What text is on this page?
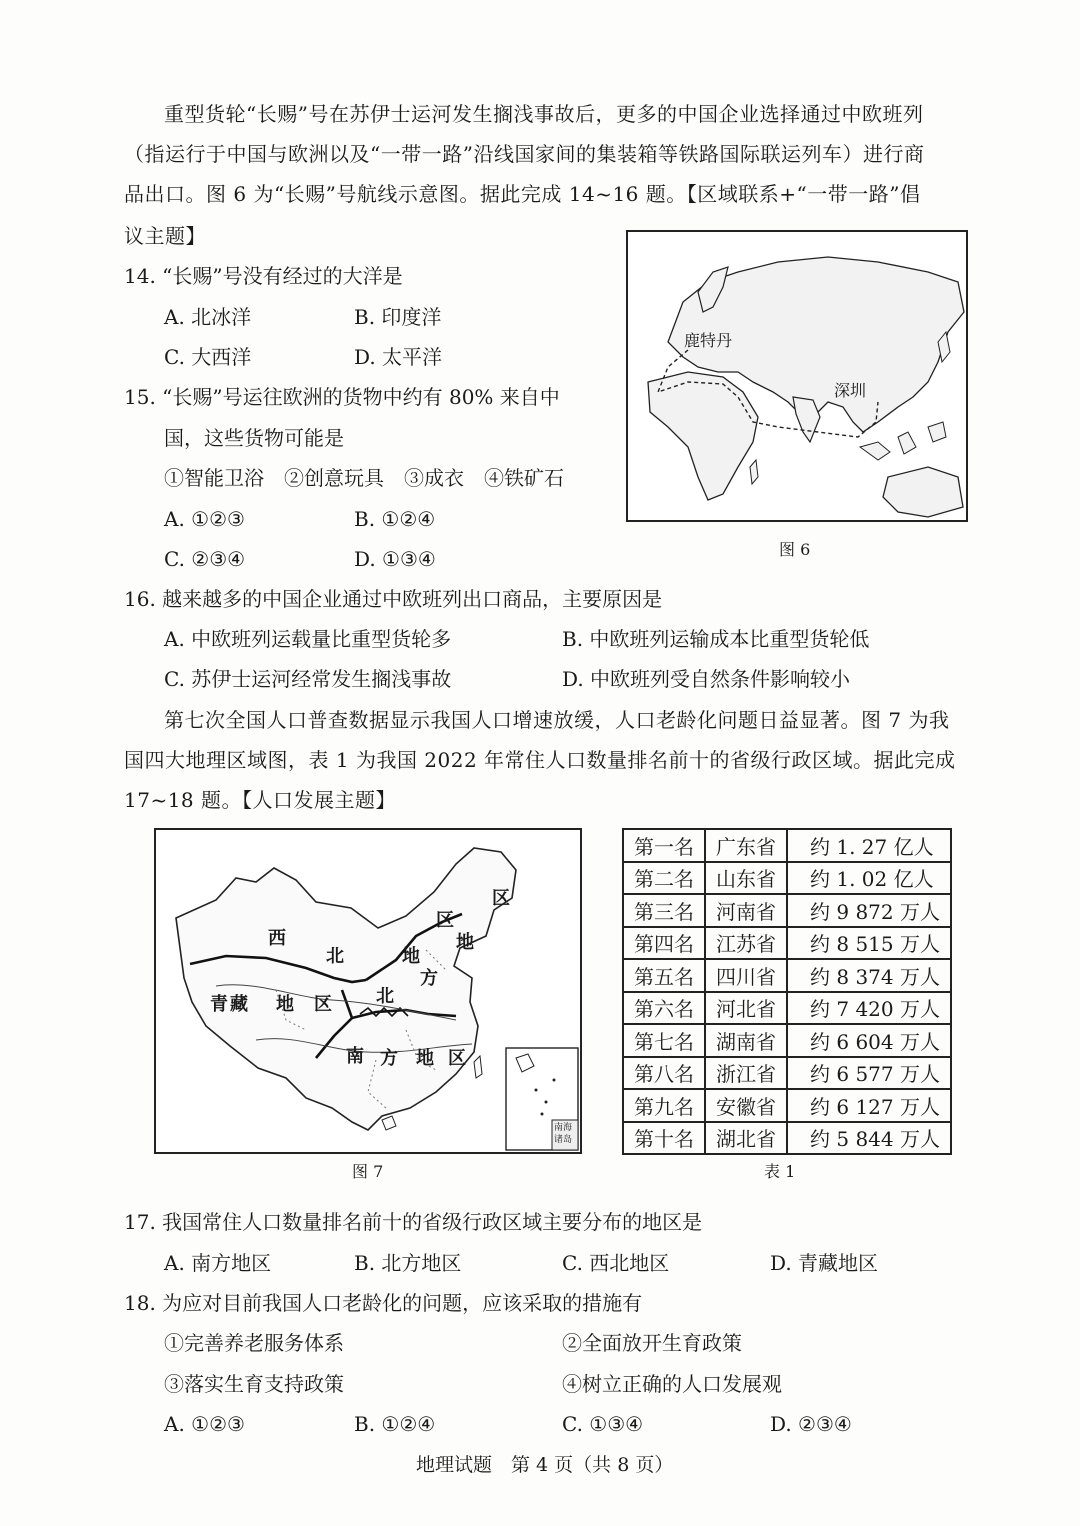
重型货轮“长赐”号在苏伊士运河发生搁浅事故后，更多的中国企业选择通过中欧班列
（指运行于中国与欧洲以及“一带一路”沿线国家间的集装箱等铁路国际联运列车）进行商
品出口。图 6 为“长赐”号航线示意图。据此完成 14~16 题。【区域联系+“一带一路”倡
议主题】
鹿特丹
深圳
图 6
14. “长赐”号没有经过的大洋是
A. 北冰洋	B. 印度洋
C. 大西洋	D. 太平洋
15. “长赐”号运往欧洲的货物中约有 80% 来自中
国，这些货物可能是
①智能卫浴　②创意玩具　③成衣　④铁矿石
A. ①②③	B. ①②④
C. ②③④	D. ①③④
16. 越来越多的中国企业通过中欧班列出口商品，主要原因是
A. 中欧班列运载量比重型货轮多	B. 中欧班列运输成本比重型货轮低
C. 苏伊士运河经常发生搁浅事故	D. 中欧班列受自然条件影响较小
第七次全国人口普查数据显示我国人口增速放缓，人口老龄化问题日益显著。图 7 为我
国四大地理区域图，表 1 为我国 2022 年常住人口数量排名前十的省级行政区域。据此完成
17~18 题。【人口发展主题】
西
北	地
区
区
地
方
北
青 藏 地 区
南 方 地 区
南海
诸岛
图 7
第一名	广东省	约 1. 27 亿人
第二名	山东省	约 1. 02 亿人
第三名	河南省	约 9 872 万人
第四名	江苏省	约 8 515 万人
第五名	四川省	约 8 374 万人
第六名	河北省	约 7 420 万人
第七名	湖南省	约 6 604 万人
第八名	浙江省	约 6 577 万人
第九名	安徽省	约 6 127 万人
第十名	湖北省	约 5 844 万人
表 1
17. 我国常住人口数量排名前十的省级行政区域主要分布的地区是
A. 南方地区	B. 北方地区	C. 西北地区	D. 青藏地区
18. 为应对目前我国人口老龄化的问题，应该采取的措施有
①完善养老服务体系	②全面放开生育政策
③落实生育支持政策	④树立正确的人口发展观
A. ①②③	B. ①②④	C. ①③④	D. ②③④
地理试题　第 4 页（共 8 页）
